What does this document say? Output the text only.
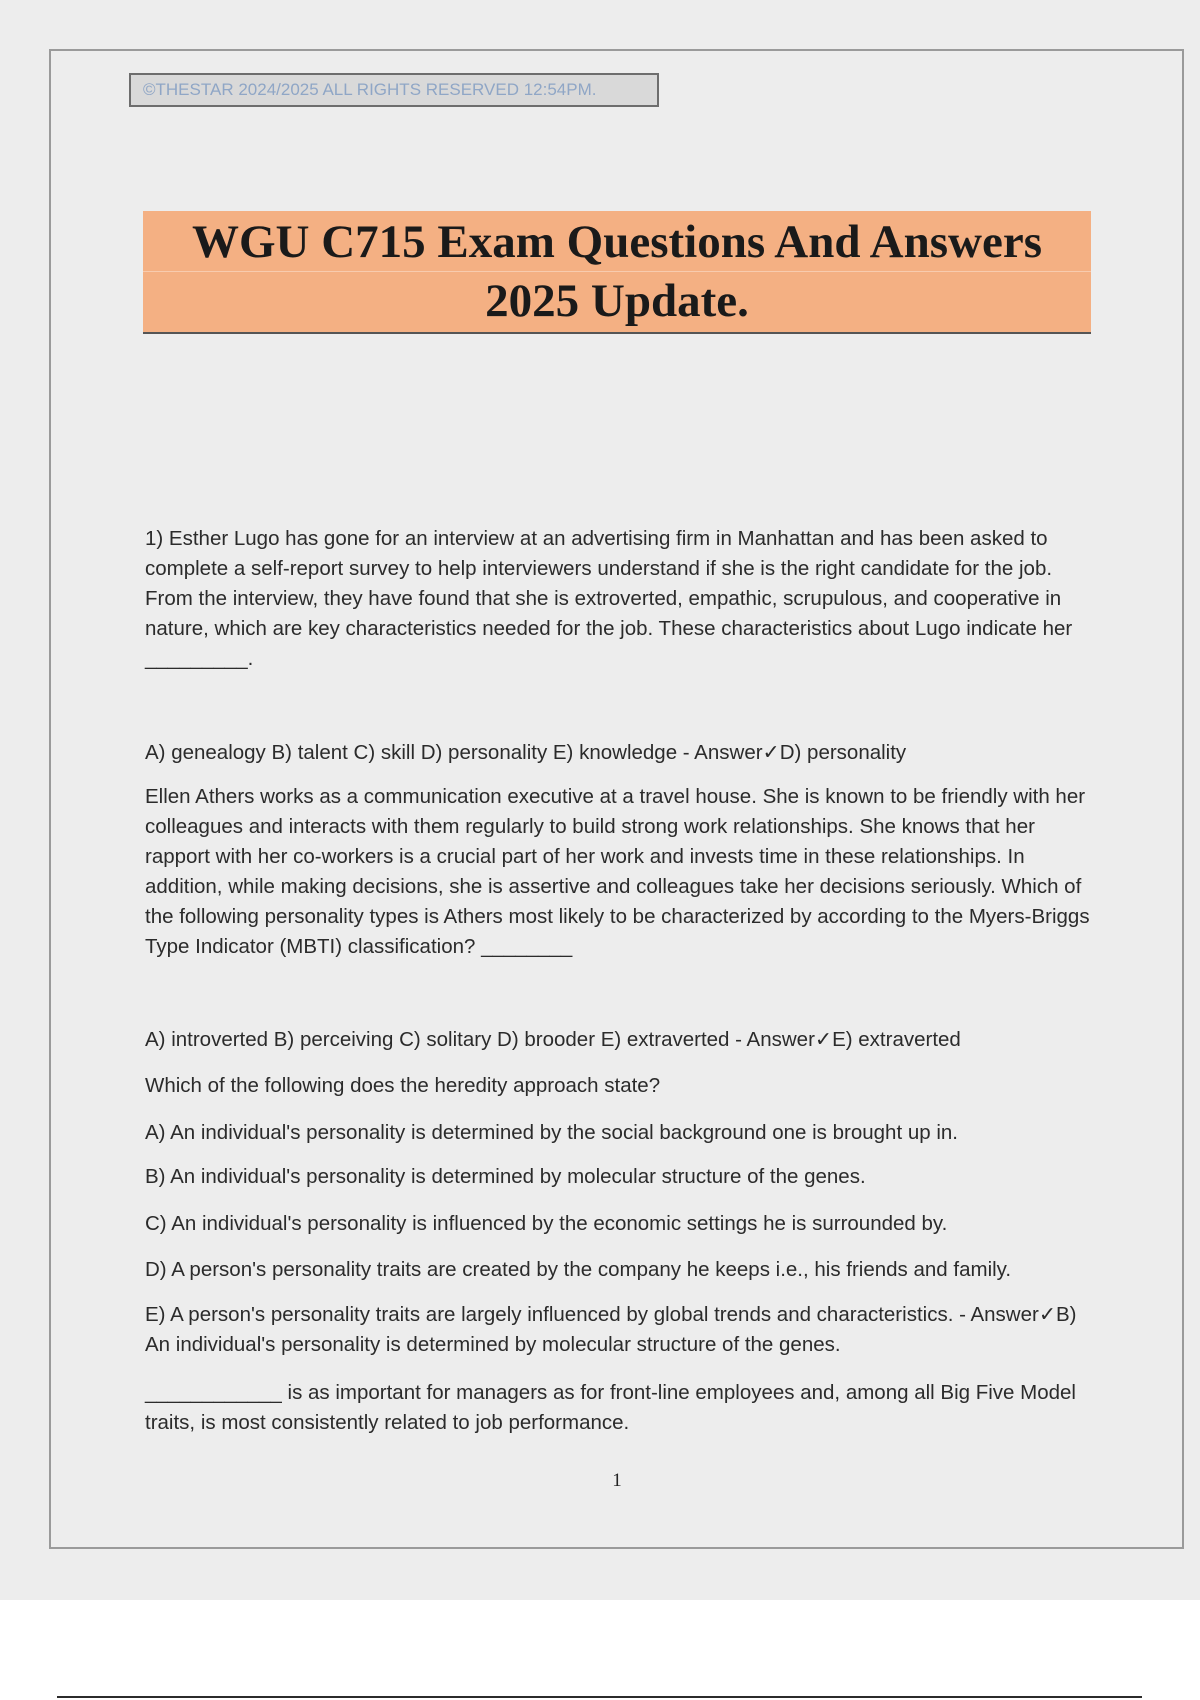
©THESTAR 2024/2025 ALL RIGHTS RESERVED 12:54PM.
WGU C715 Exam Questions And Answers
2025 Update.
1) Esther Lugo has gone for an interview at an advertising firm in Manhattan and has been asked to complete a self-report survey to help interviewers understand if she is the right candidate for the job. From the interview, they have found that she is extroverted, empathic, scrupulous, and cooperative in nature, which are key characteristics needed for the job. These characteristics about Lugo indicate her _________.
A) genealogy B) talent C) skill D) personality E) knowledge - Answer✓D) personality
Ellen Athers works as a communication executive at a travel house. She is known to be friendly with her colleagues and interacts with them regularly to build strong work relationships. She knows that her rapport with her co-workers is a crucial part of her work and invests time in these relationships. In addition, while making decisions, she is assertive and colleagues take her decisions seriously. Which of the following personality types is Athers most likely to be characterized by according to the Myers-Briggs Type Indicator (MBTI) classification? ________
A) introverted B) perceiving C) solitary D) brooder E) extraverted - Answer✓E) extraverted
Which of the following does the heredity approach state?
A) An individual's personality is determined by the social background one is brought up in.
B) An individual's personality is determined by molecular structure of the genes.
C) An individual's personality is influenced by the economic settings he is surrounded by.
D) A person's personality traits are created by the company he keeps i.e., his friends and family.
E) A person's personality traits are largely influenced by global trends and characteristics. - Answer✓B) An individual's personality is determined by molecular structure of the genes.
____________ is as important for managers as for front-line employees and, among all Big Five Model traits, is most consistently related to job performance.
1
